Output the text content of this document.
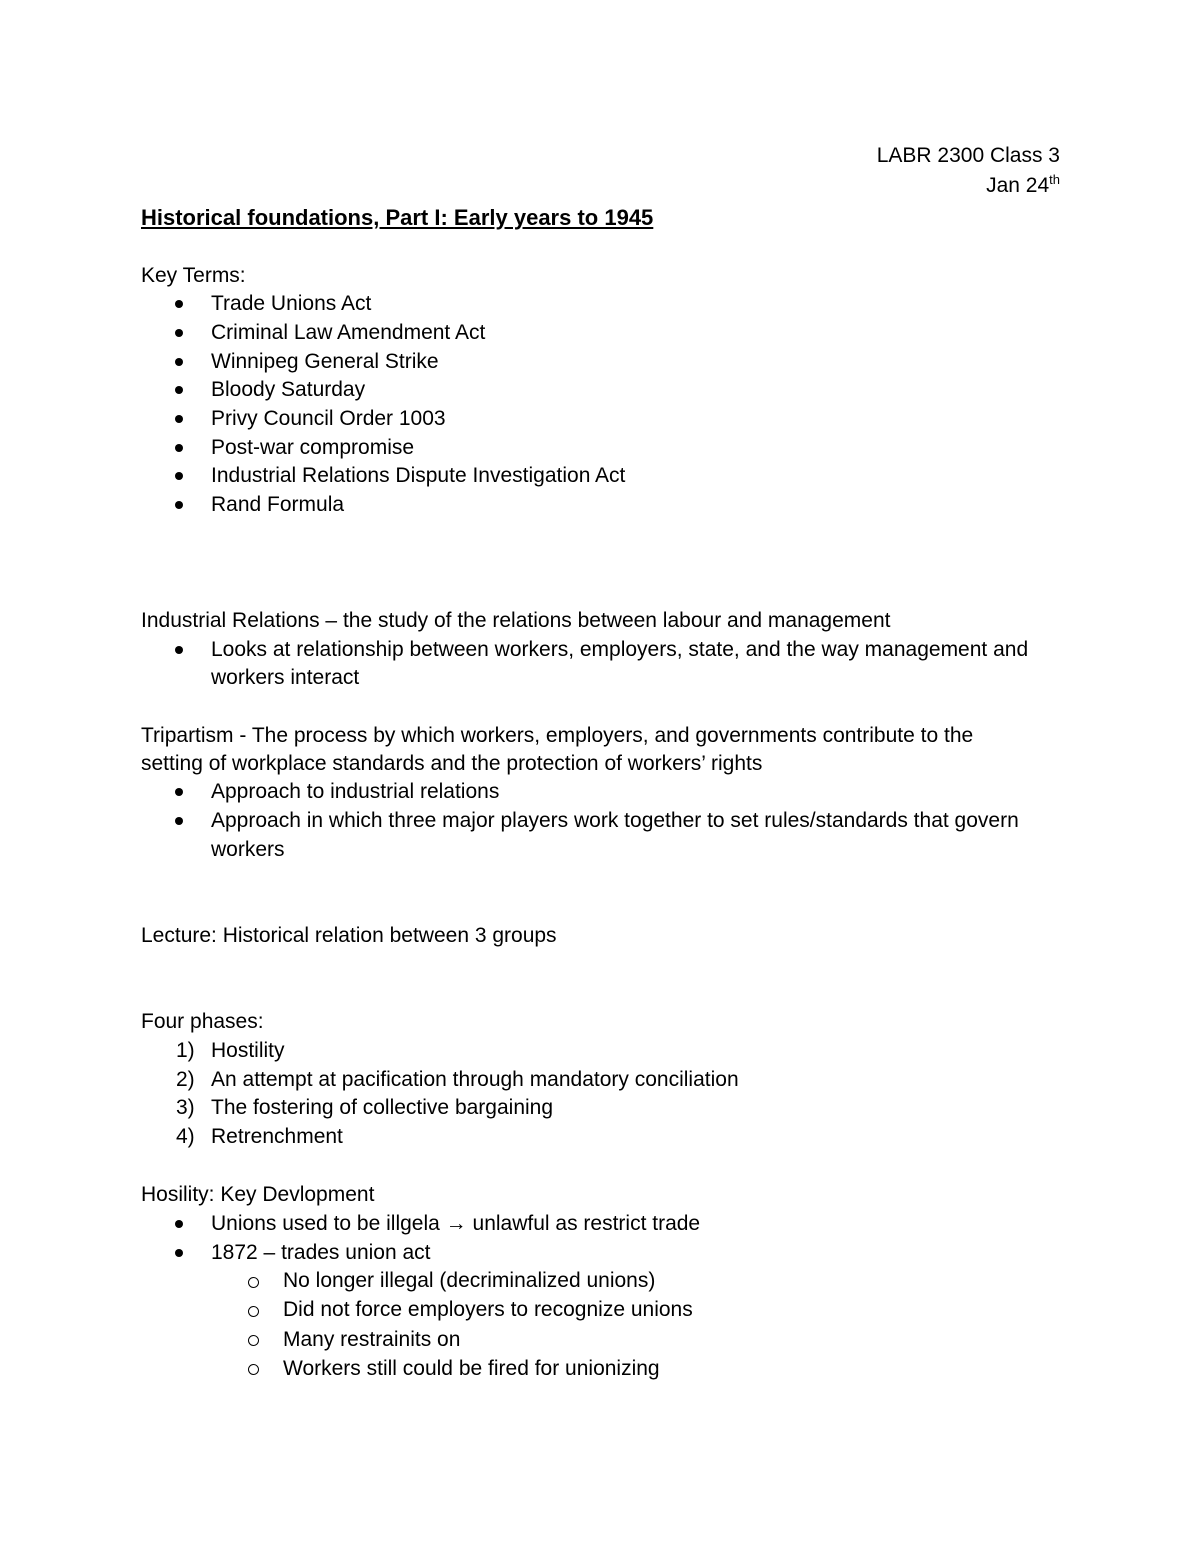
LABR 2300 Class 3
Jan 24th
Historical foundations, Part I: Early years to 1945
Key Terms:
Trade Unions Act
Criminal Law Amendment Act
Winnipeg General Strike
Bloody Saturday
Privy Council Order 1003
Post-war compromise
Industrial Relations Dispute Investigation Act
Rand Formula
Industrial Relations – the study of the relations between labour and management
Looks at relationship between workers, employers, state, and the way management and
workers interact
Tripartism - The process by which workers, employers, and governments contribute to the
setting of workplace standards and the protection of workers’ rights
Approach to industrial relations
Approach in which three major players work together to set rules/standards that govern
workers
Lecture: Historical relation between 3 groups
Four phases:
1) Hostility
2) An attempt at pacification through mandatory conciliation
3) The fostering of collective bargaining
4) Retrenchment
Hosility: Key Devlopment
Unions used to be illgela → unlawful as restrict trade
1872 – trades union act
No longer illegal (decriminalized unions)
Did not force employers to recognize unions
Many restrainits on
Workers still could be fired for unionizing
